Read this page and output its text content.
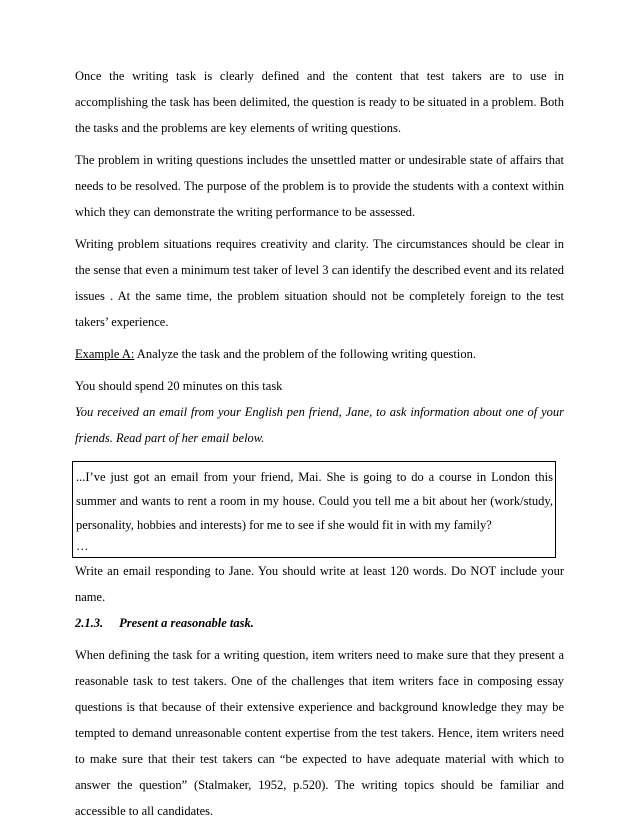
Once the writing task is clearly defined and the content that test takers are to use in accomplishing the task has been delimited, the question is ready to be situated in a problem. Both the tasks and the problems are key elements of writing questions.

The problem in writing questions includes the unsettled matter or undesirable state of affairs that needs to be resolved. The purpose of the problem is to provide the students with a context within which they can demonstrate the writing performance to be assessed.

Writing problem situations requires creativity and clarity. The circumstances should be clear in the sense that even a minimum test taker of level 3 can identify the described event and its related issues . At the same time, the problem situation should not be completely foreign to the test takers’ experience.

Example A: Analyze the task and the problem of the following writing question.

You should spend 20 minutes on this task

You received an email from your English pen friend, Jane, to ask information about one of your friends. Read part of her email below.

...I’ve just got an email from your friend, Mai. She is going to do a course in London this summer and wants to rent a room in my house. Could you tell me a bit about her (work/study, personality, hobbies and interests) for me to see if she would fit in with my family?

…

Write an email responding to Jane. You should write at least 120 words. Do NOT include your name.

2.1.3. Present a reasonable task.

When defining the task for a writing question, item writers need to make sure that they present a reasonable task to test takers. One of the challenges that item writers face in composing essay questions is that because of their extensive experience and background knowledge they may be tempted to demand unreasonable content expertise from the test takers. Hence, item writers need to make sure that their test takers can “be expected to have adequate material with which to answer the question” (Stalmaker, 1952, p.520). The writing topics should be familiar and accessible to all candidates.
